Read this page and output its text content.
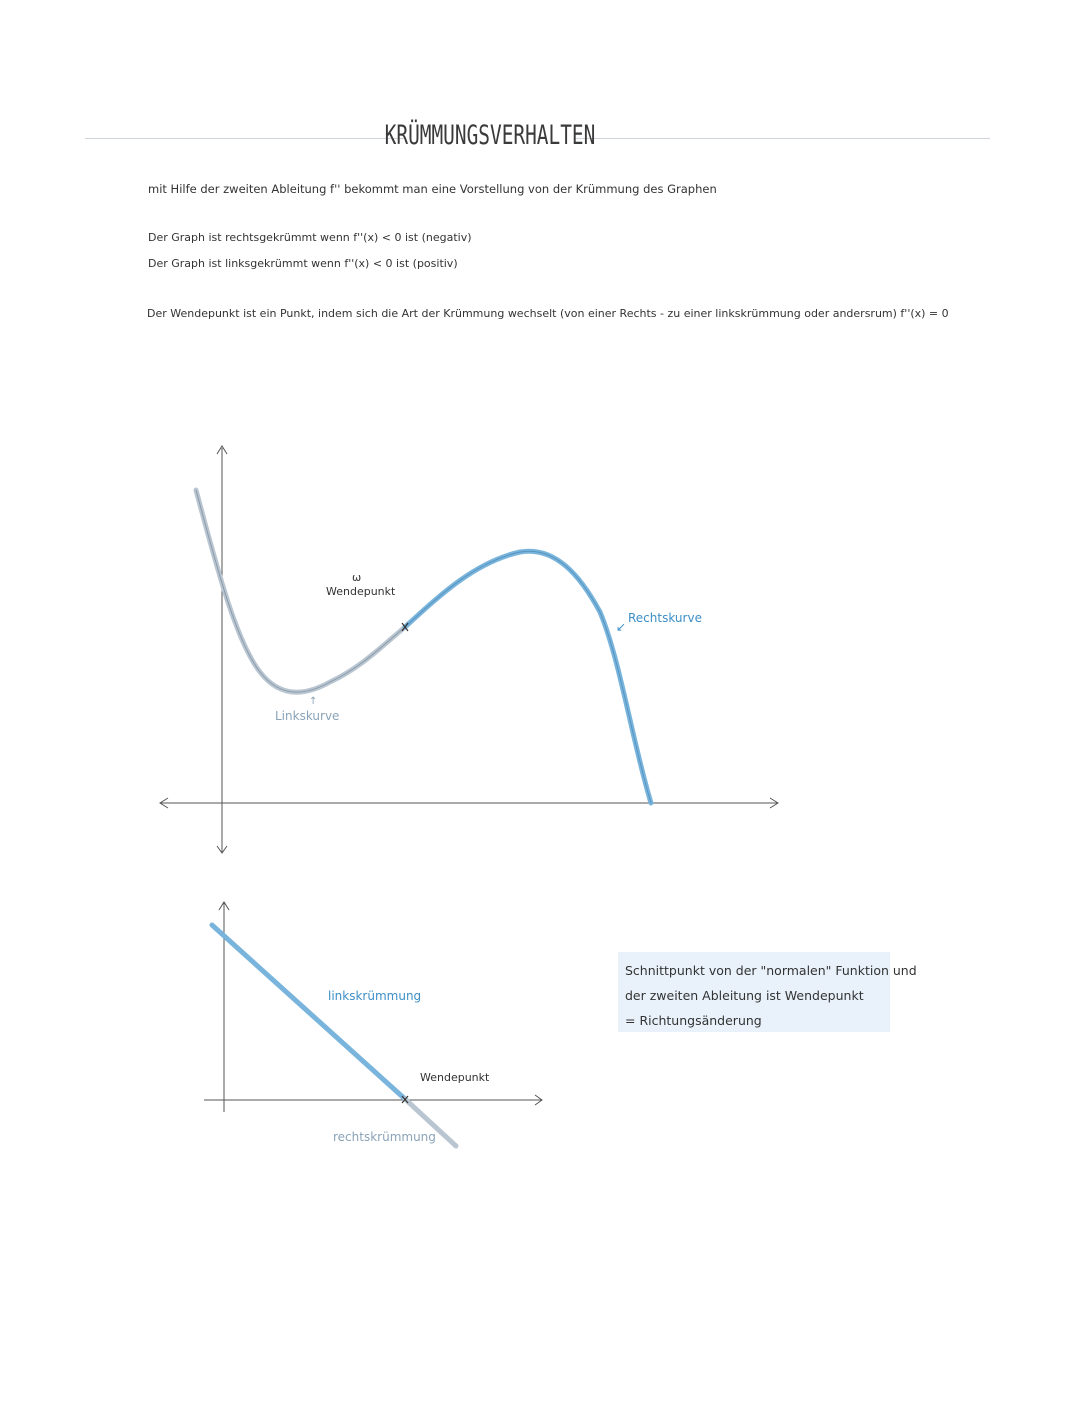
KRÜMMUNGSVERHALTEN
mit Hilfe der zweiten Ableitung f'' bekommt man eine Vorstellung von der Krümmung des Graphen
Der Graph ist rechtsgekrümmt wenn f''(x) < 0 ist (negativ)
Der Graph ist linksgekrümmt wenn f''(x) < 0 ist (positiv)
Der Wendepunkt ist ein Punkt, indem sich die Art der Krümmung wechselt (von einer Rechts - zu einer linkskrümmung oder andersrum) f''(x) = 0
ω
Wendepunkt
↙
Rechtskurve
↑
Linkskurve
linkskrümmung
Wendepunkt
rechtskrümmung
Schnittpunkt von der "normalen" Funktion und
der zweiten Ableitung ist Wendepunkt
= Richtungsänderung
